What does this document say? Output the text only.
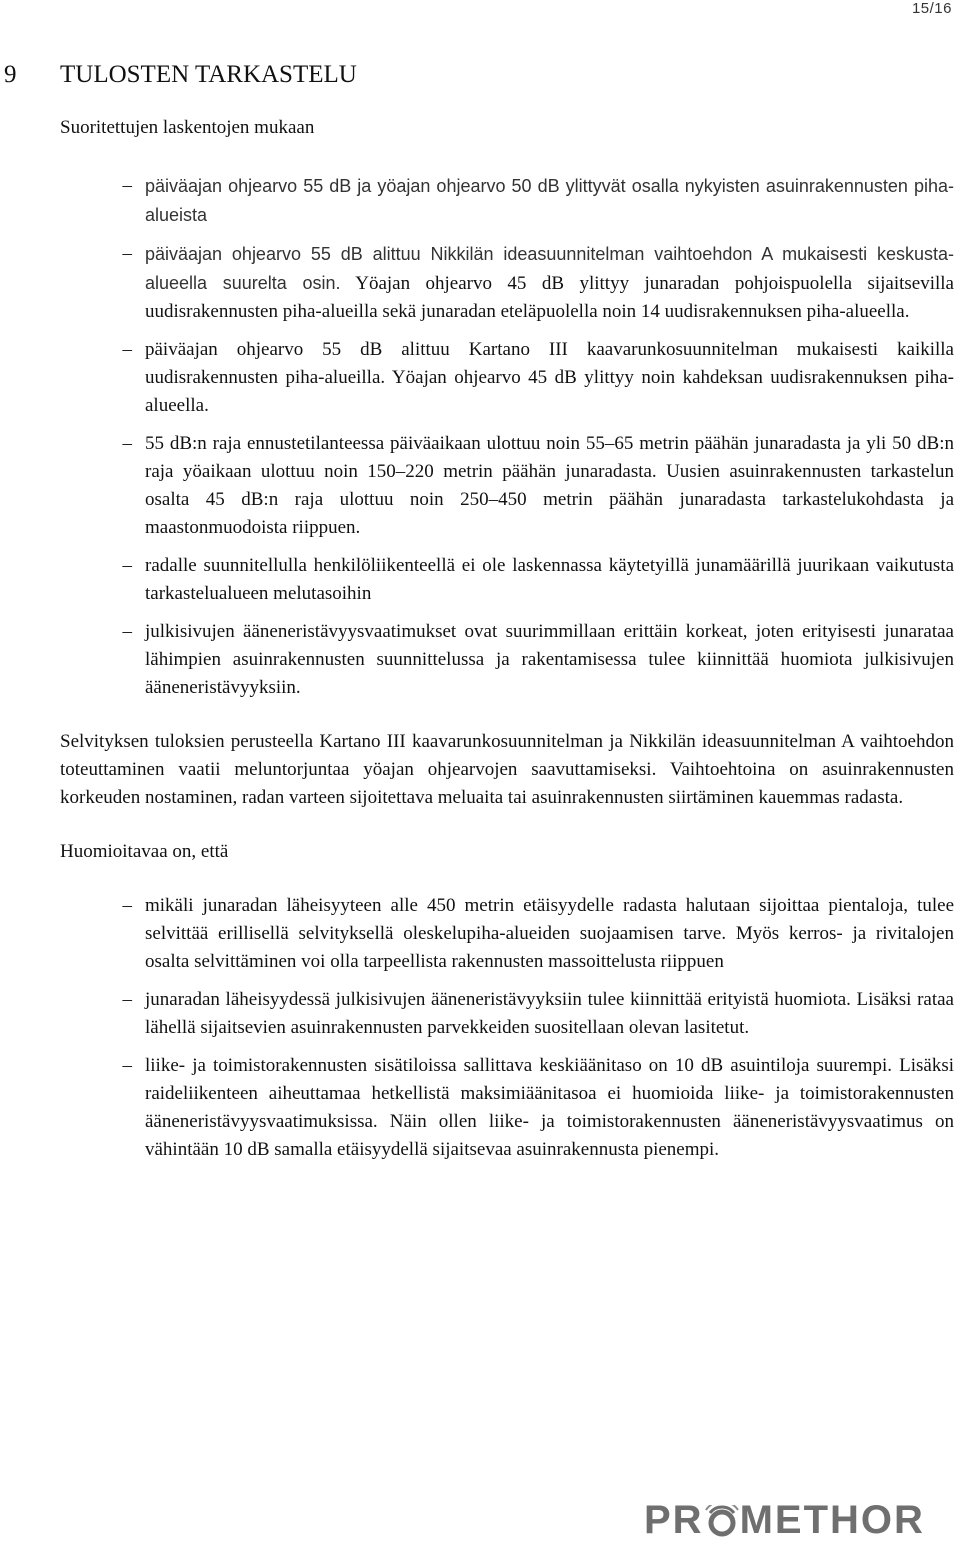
15/16
9 TULOSTEN TARKASTELU

Suoritettujen laskentojen mukaan

– päiväajan ohjearvo 55 dB ja yöajan ohjearvo 50 dB ylittyvät osalla nykyisten asuinrakennusten piha-alueista
– päiväajan ohjearvo 55 dB alittuu Nikkilän ideasuunnitelman vaihtoehdon A mukaisesti keskusta-alueella suurelta osin. Yöajan ohjearvo 45 dB ylittyy junaradan pohjoispuolella sijaitsevilla uudisrakennusten piha-alueilla sekä junaradan eteläpuolella noin 14 uudisrakennuksen piha-alueella.
– päiväajan ohjearvo 55 dB alittuu Kartano III kaavarunkosuunnitelman mukaisesti kaikilla uudisrakennusten piha-alueilla. Yöajan ohjearvo 45 dB ylittyy noin kahdeksan uudisrakennuksen piha-alueella.
– 55 dB:n raja ennustetilanteessa päiväaikaan ulottuu noin 55–65 metrin päähän junaradasta ja yli 50 dB:n raja yöaikaan ulottuu noin 150–220 metrin päähän junaradasta. Uusien asuinrakennusten tarkastelun osalta 45 dB:n raja ulottuu noin 250–450 metrin päähän junaradasta tarkastelukohdasta ja maastonmuodoista riippuen.
– radalle suunnitellulla henkilöliikenteellä ei ole laskennassa käytetyillä junamäärillä juurikaan vaikutusta tarkastelualueen melutasoihin
– julkisivujen ääneneristävyysvaatimukset ovat suurimmillaan erittäin korkeat, joten erityisesti junarataa lähimpien asuinrakennusten suunnittelussa ja rakentamisessa tulee kiinnittää huomiota julkisivujen ääneneristävyyksiin.

Selvityksen tuloksien perusteella Kartano III kaavarunkosuunnitelman ja Nikkilän ideasuunnitelman A vaihtoehdon toteuttaminen vaatii meluntorjuntaa yöajan ohjearvojen saavuttamiseksi. Vaihtoehtoina on asuinrakennusten korkeuden nostaminen, radan varteen sijoitettava meluaita tai asuinrakennusten siirtäminen kauemmas radasta.

Huomioitavaa on, että

– mikäli junaradan läheisyyteen alle 450 metrin etäisyydelle radasta halutaan sijoittaa pientaloja, tulee selvittää erillisellä selvityksellä oleskelupiha-alueiden suojaamisen tarve. Myös kerros- ja rivitalojen osalta selvittäminen voi olla tarpeellista rakennusten massoittelusta riippuen
– junaradan läheisyydessä julkisivujen ääneneristävyyksiin tulee kiinnittää erityistä huomiota. Lisäksi rataa lähellä sijaitsevien asuinrakennusten parvekkeiden suositellaan olevan lasitetut.
– liike- ja toimistorakennusten sisätiloissa sallittava keskiäänitaso on 10 dB asuintiloja suurempi. Lisäksi raideliikenteen aiheuttamaa hetkellistä maksimiäänitasoa ei huomioida liike- ja toimistorakennusten ääneneristävyysvaatimuksissa. Näin ollen liike- ja toimistorakennusten ääneneristävyysvaatimus on vähintään 10 dB samalla etäisyydellä sijaitsevaa asuinrakennusta pienempi.
PR METHOR
